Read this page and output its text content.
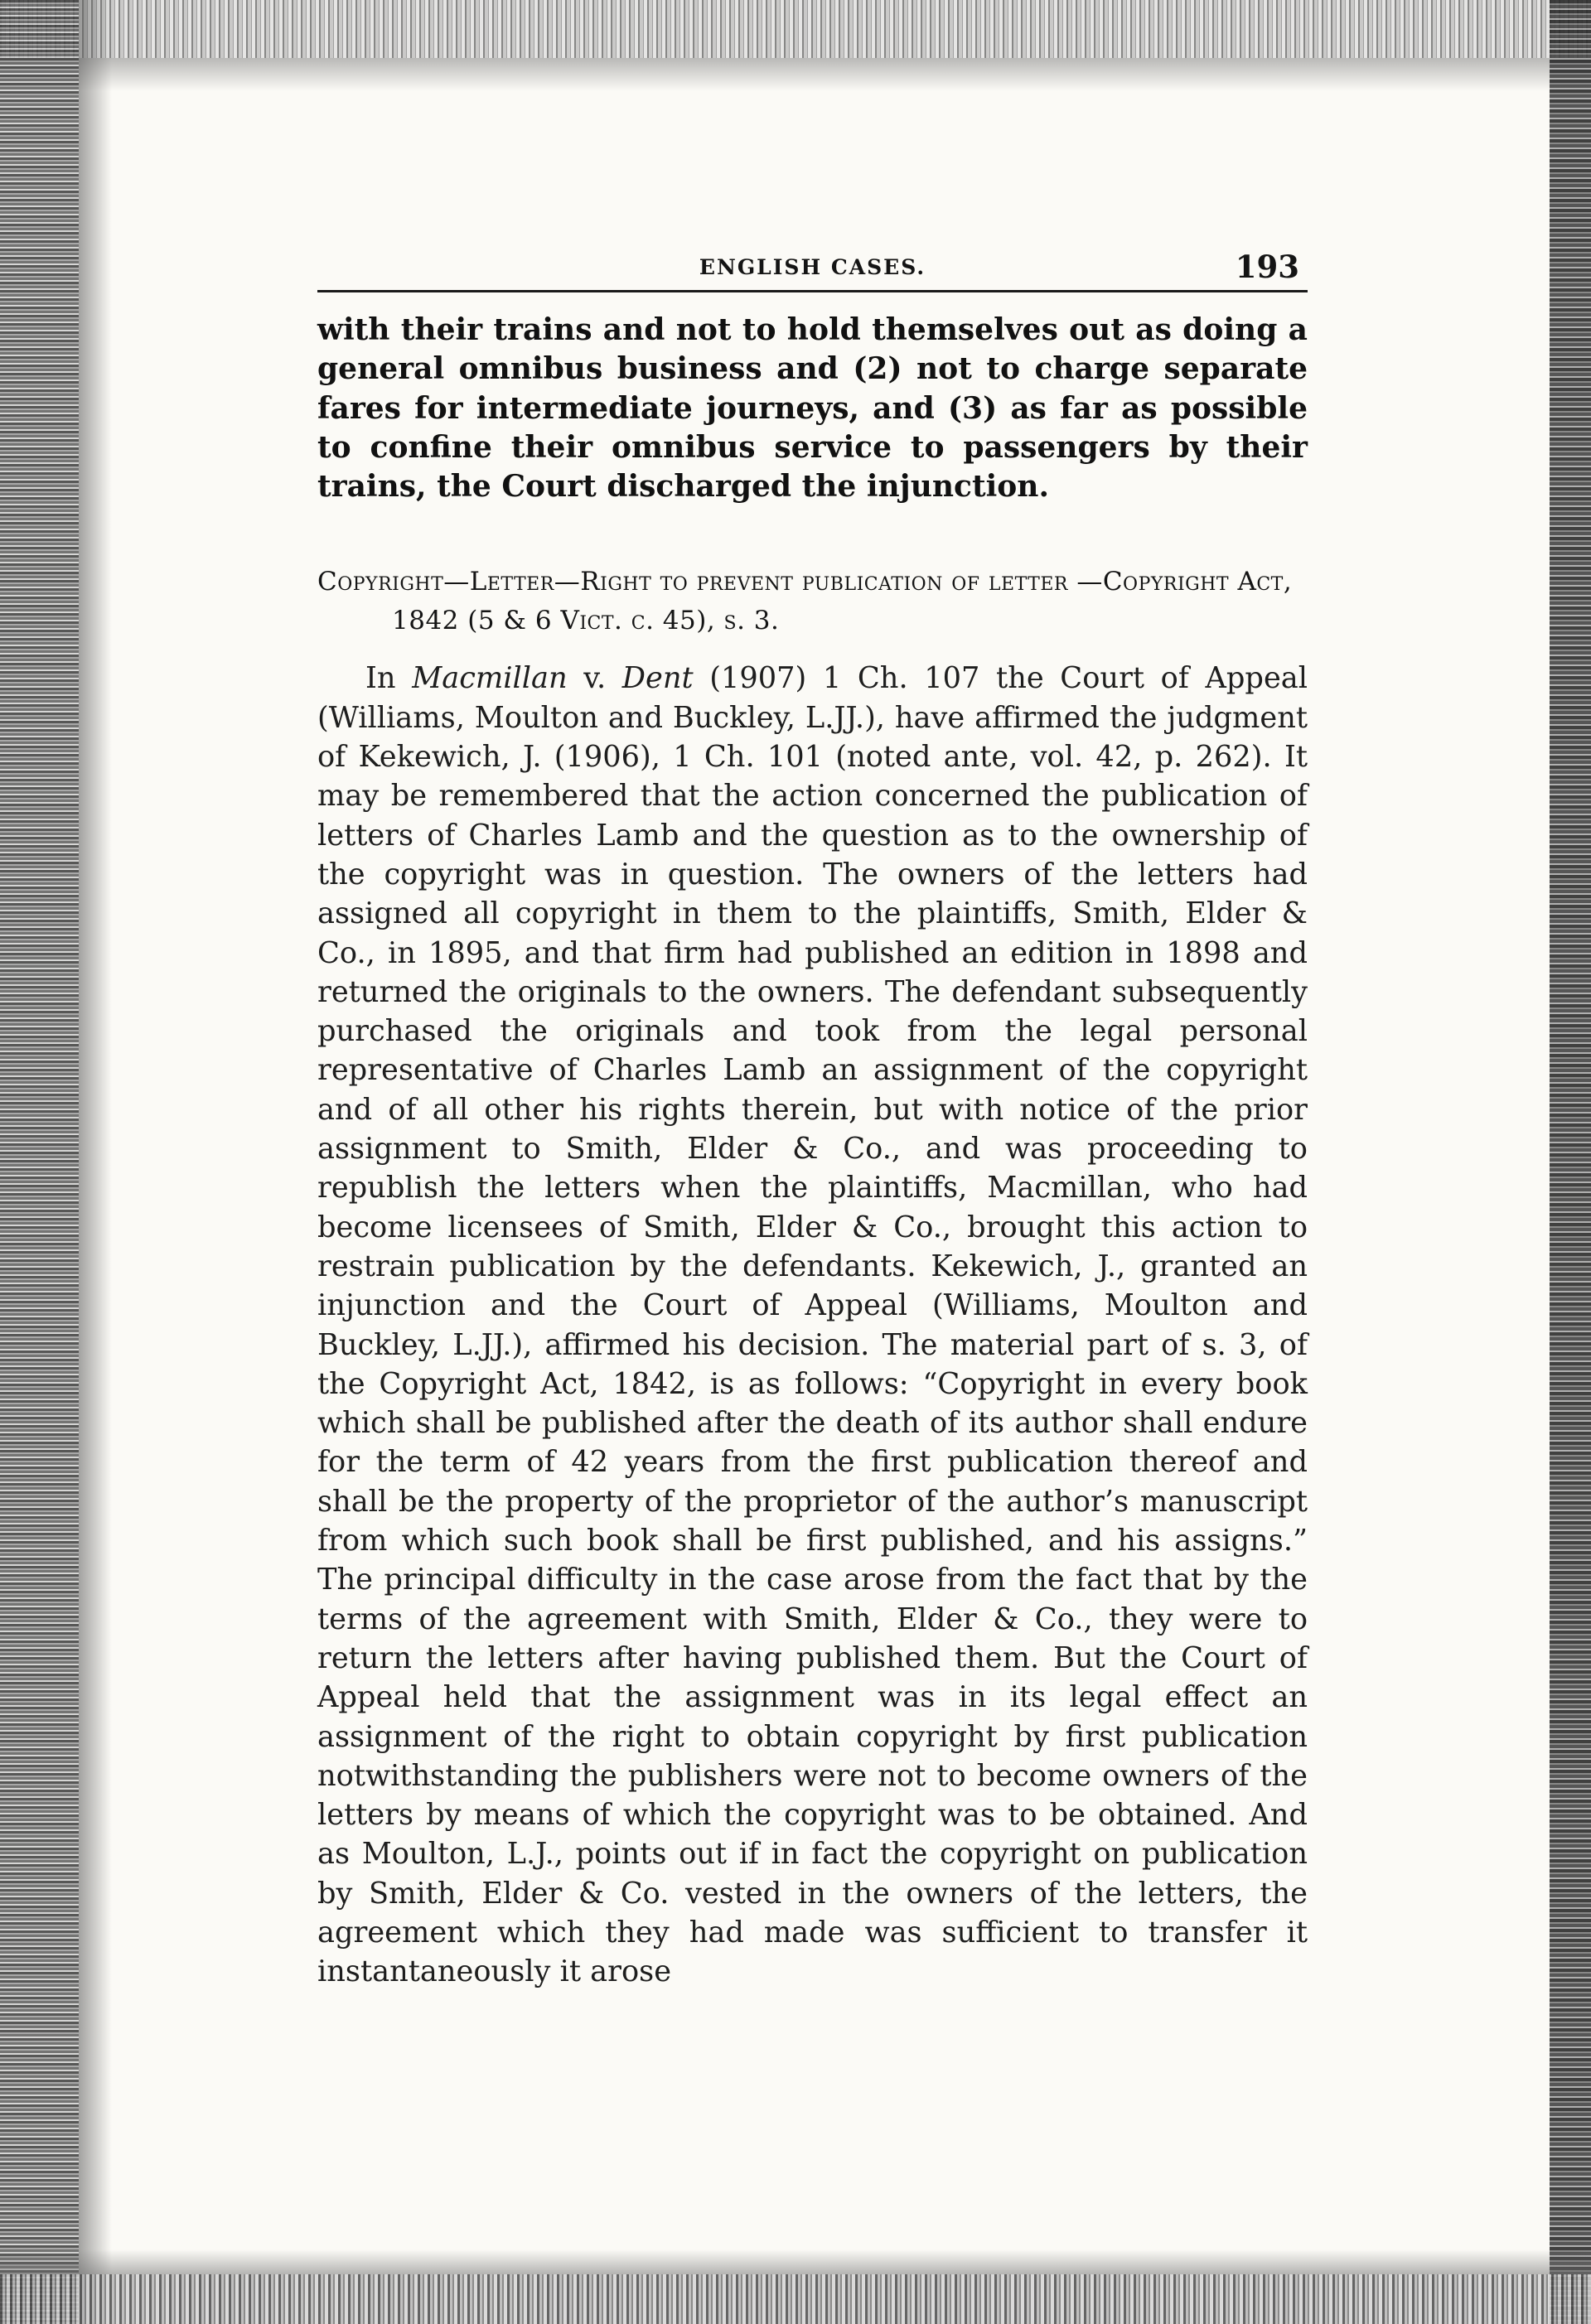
ENGLISH CASES.	193

with their trains and not to hold themselves out as doing a general omnibus business and (2) not to charge separate fares for intermediate journeys, and (3) as far as possible to confine their omnibus service to passengers by their trains, the Court discharged the injunction.

Copyright—Letter—Right to prevent publication of letter —Copyright Act, 1842 (5 & 6 Vict. c. 45), s. 3.

In Macmillan v. Dent (1907) 1 Ch. 107 the Court of Appeal (Williams, Moulton and Buckley, L.JJ.), have affirmed the judgment of Kekewich, J. (1906), 1 Ch. 101 (noted ante, vol. 42, p. 262). It may be remembered that the action concerned the publication of letters of Charles Lamb and the question as to the ownership of the copyright was in question. The owners of the letters had assigned all copyright in them to the plaintiffs, Smith, Elder & Co., in 1895, and that firm had published an edition in 1898 and returned the originals to the owners. The defendant subsequently purchased the originals and took from the legal personal representative of Charles Lamb an assignment of the copyright and of all other his rights therein, but with notice of the prior assignment to Smith, Elder & Co., and was proceeding to republish the letters when the plaintiffs, Macmillan, who had become licensees of Smith, Elder & Co., brought this action to restrain publication by the defendants. Kekewich, J., granted an injunction and the Court of Appeal (Williams, Moulton and Buckley, L.JJ.), affirmed his decision. The material part of s. 3, of the Copyright Act, 1842, is as follows: “Copyright in every book which shall be published after the death of its author shall endure for the term of 42 years from the first publication thereof and shall be the property of the proprietor of the author’s manuscript from which such book shall be first published, and his assigns.” The principal difficulty in the case arose from the fact that by the terms of the agreement with Smith, Elder & Co., they were to return the letters after having published them. But the Court of Appeal held that the assignment was in its legal effect an assignment of the right to obtain copyright by first publication notwithstanding the publishers were not to become owners of the letters by means of which the copyright was to be obtained. And as Moulton, L.J., points out if in fact the copyright on publication by Smith, Elder & Co. vested in the owners of the letters, the agreement which they had made was sufficient to transfer it instantaneously it arose
